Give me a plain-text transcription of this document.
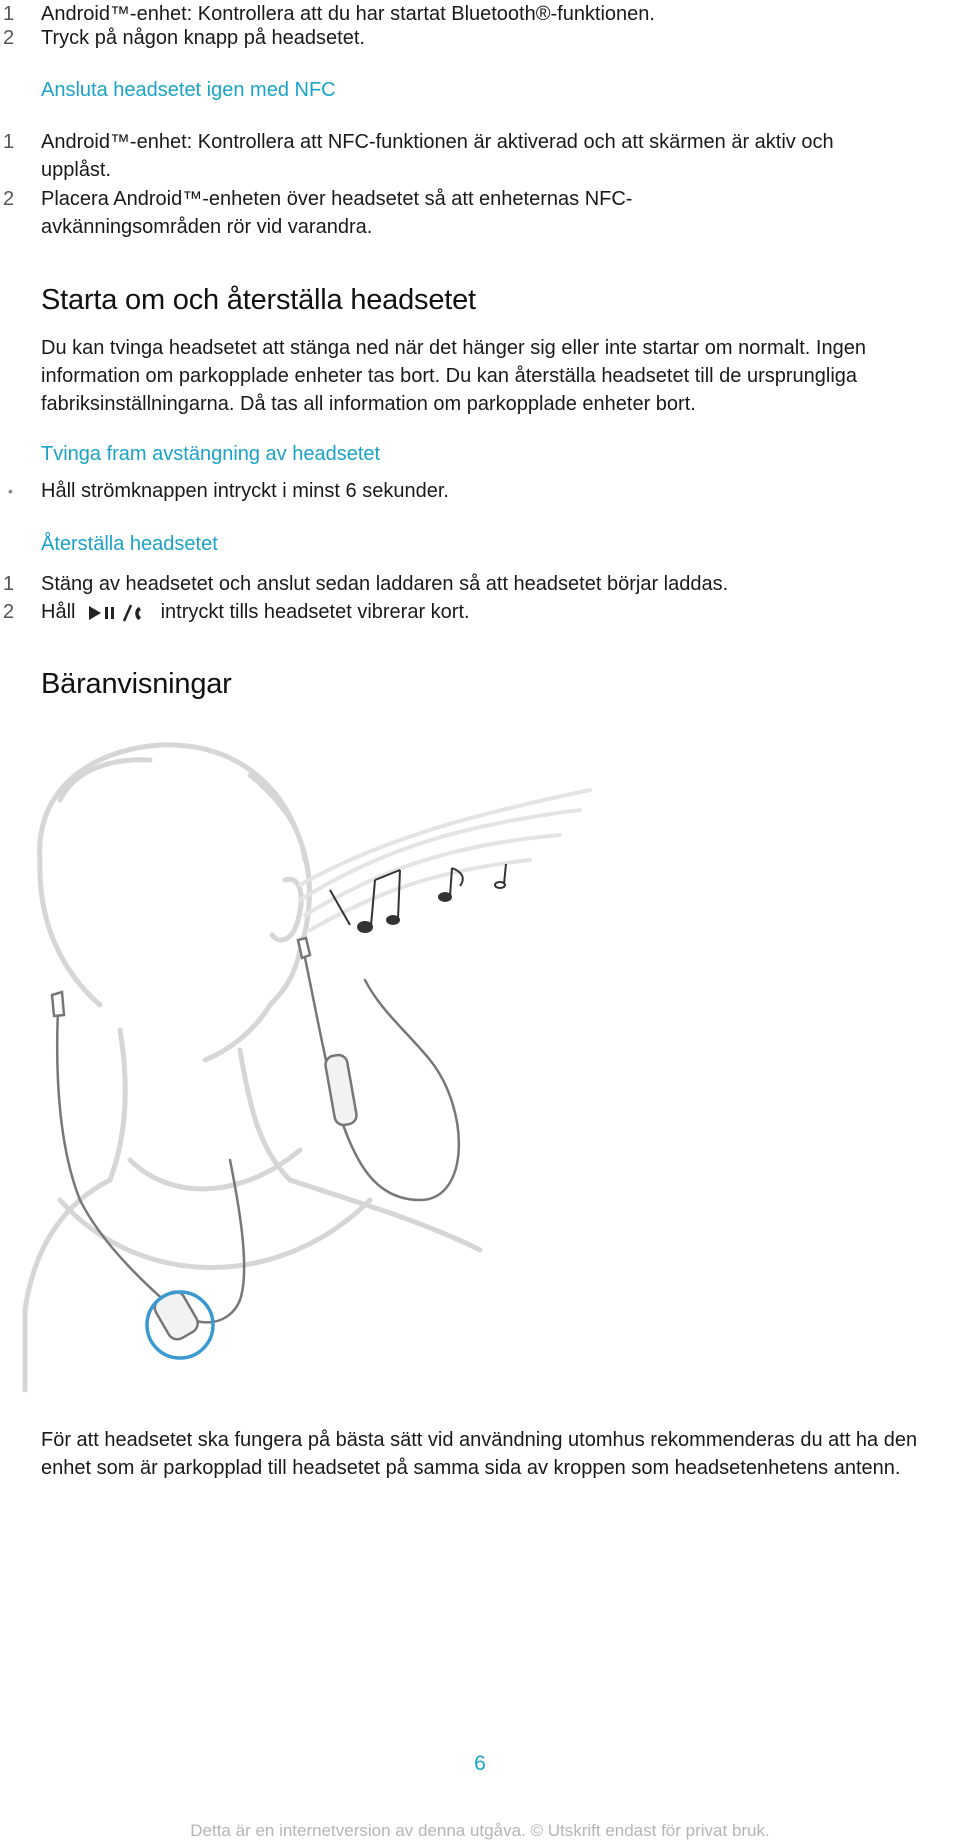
1 Android™-enhet: Kontrollera att du har startat Bluetooth®-funktionen.
2 Tryck på någon knapp på headsetet.
Ansluta headsetet igen med NFC
1 Android™-enhet: Kontrollera att NFC-funktionen är aktiverad och att skärmen är aktiv och upplåst.
2 Placera Android™-enheten över headsetet så att enheternas NFC-avkänningsområden rör vid varandra.
Starta om och återställa headsetet
Du kan tvinga headsetet att stänga ned när det hänger sig eller inte startar om normalt. Ingen information om parkopplade enheter tas bort. Du kan återställa headsetet till de ursprungliga fabriksinställningarna. Då tas all information om parkopplade enheter bort.
Tvinga fram avstängning av headsetet
• Håll strömknappen intryckt i minst 6 sekunder.
Återställa headsetet
1 Stäng av headsetet och anslut sedan laddaren så att headsetet börjar laddas.
2 Håll	intryckt tills headsetet vibrerar kort.
Bäranvisningar
För att headsetet ska fungera på bästa sätt vid användning utomhus rekommenderas du att ha den enhet som är parkopplad till headsetet på samma sida av kroppen som headsetenhetens antenn.
6
Detta är en internetversion av denna utgåva. © Utskrift endast för privat bruk.
